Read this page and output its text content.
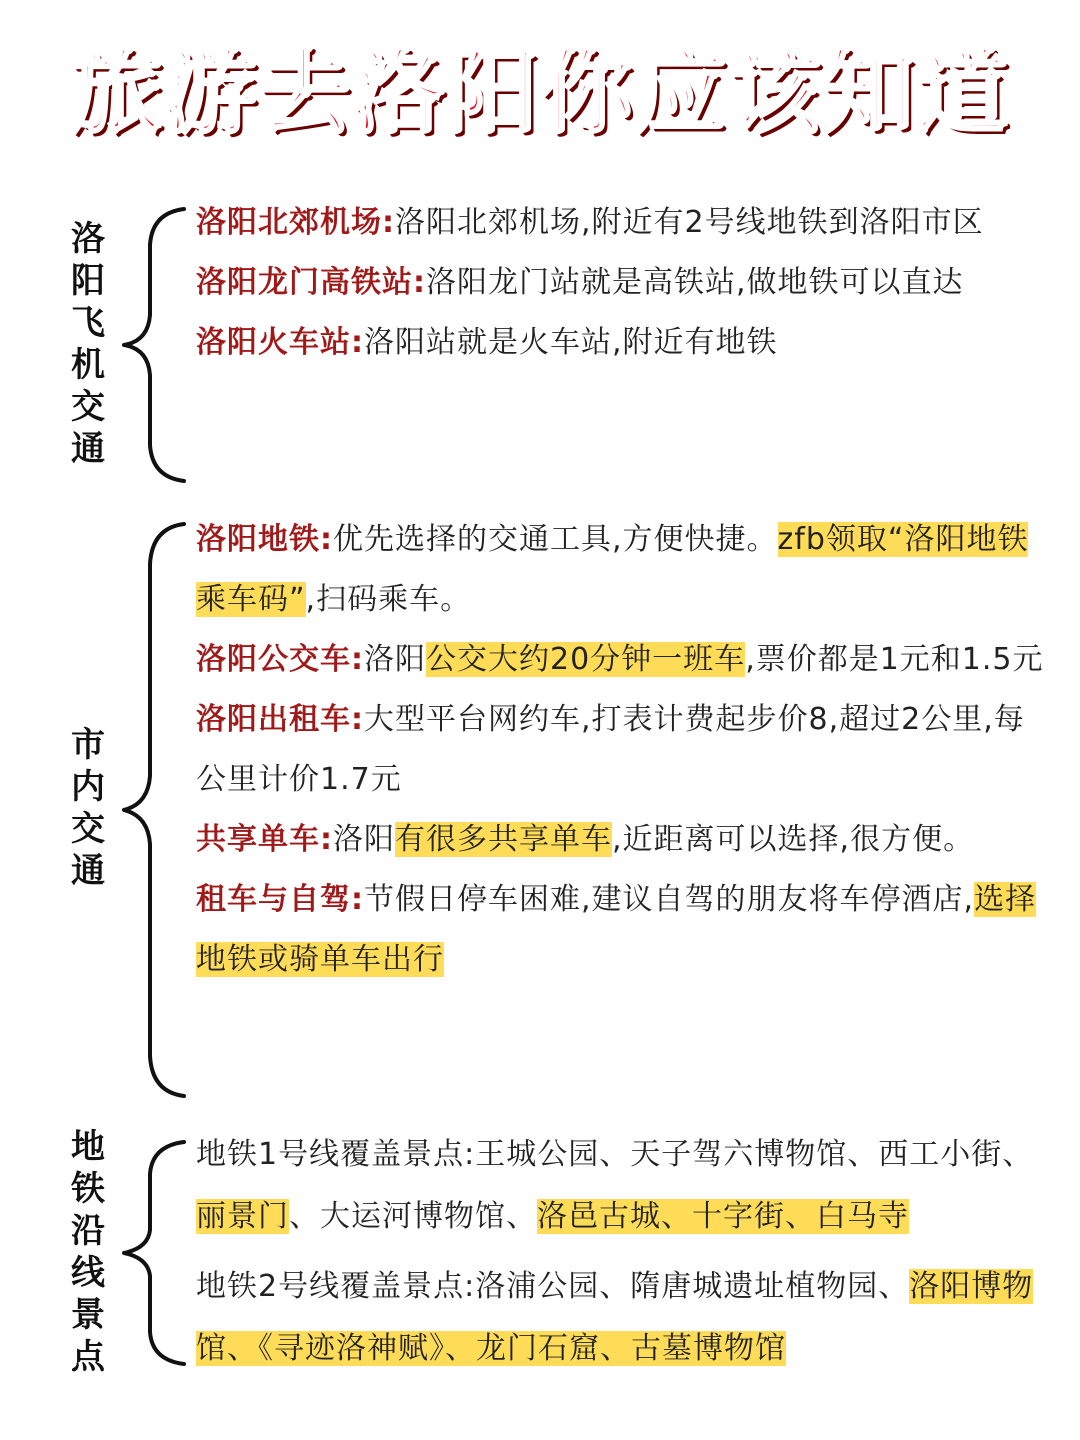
旅游去洛阳你应该知道
洛阳飞机交通

洛阳北郊机场:洛阳北郊机场,附近有2号线地铁到洛阳市区

洛阳龙门高铁站:洛阳龙门站就是高铁站,做地铁可以直达

洛阳火车站:洛阳站就是火车站,附近有地铁

市内交通

洛阳地铁:优先选择的交通工具,方便快捷。zfb领取“洛阳地铁乘车码”,扫码乘车。

洛阳公交车:洛阳公交大约20分钟一班车,票价都是1元和1.5元

洛阳出租车:大型平台网约车,打表计费起步价8,超过2公里,每公里计价1.7元

共享单车:洛阳有很多共享单车,近距离可以选择,很方便。

租车与自驾:节假日停车困难,建议自驾的朋友将车停酒店,选择地铁或骑单车出行

地铁沿线景点

地铁1号线覆盖景点:王城公园、天子驾六博物馆、西工小街、丽景门、大运河博物馆、洛邑古城、十字街、白马寺

地铁2号线覆盖景点:洛浦公园、隋唐城遗址植物园、洛阳博物馆、《寻迹洛神赋》、龙门石窟、古墓博物馆
